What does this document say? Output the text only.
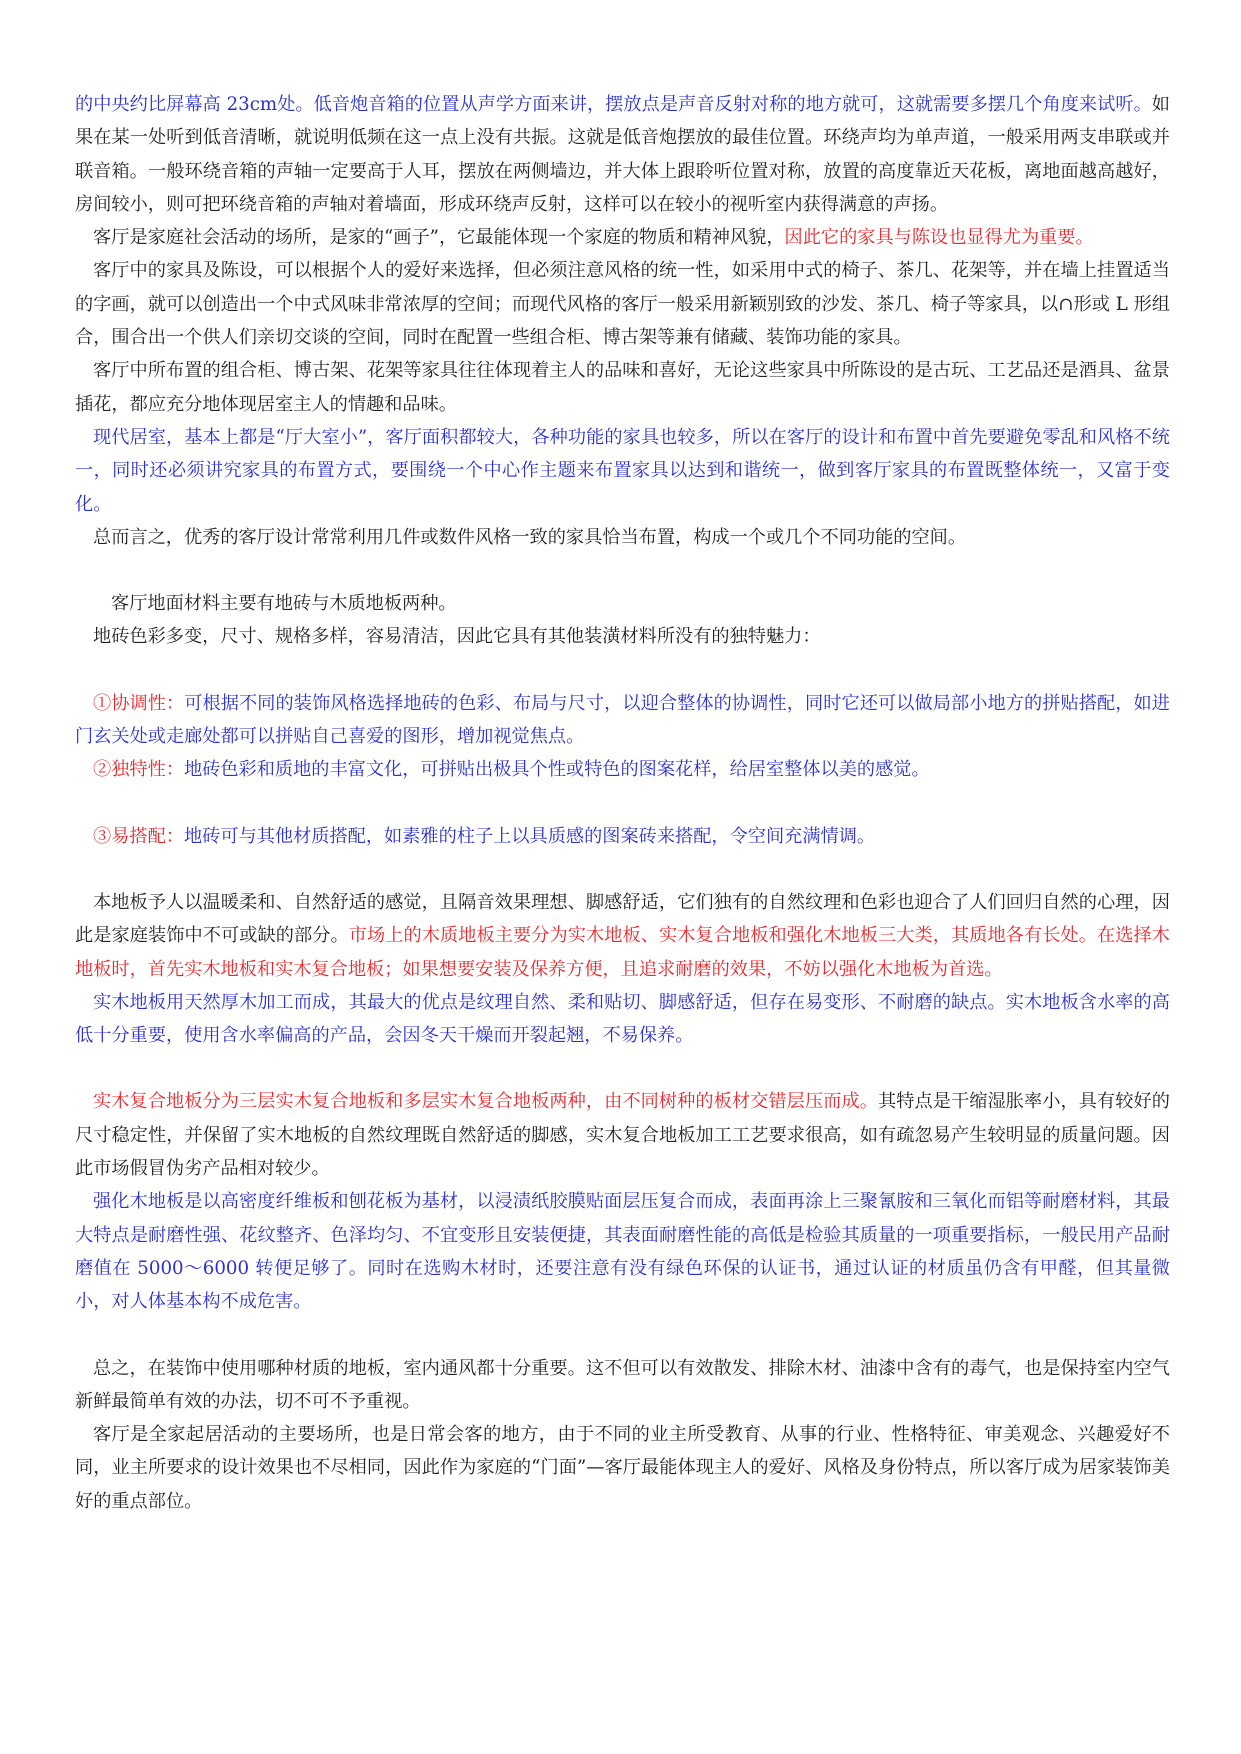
的中央约比屏幕高 23cm处。低音炮音箱的位置从声学方面来讲，摆放点是声音反射对称的地方就可，这就需要多摆几个角度来试听。如果在某一处听到低音清晰，就说明低频在这一点上没有共振。这就是低音炮摆放的最佳位置。环绕声均为单声道，一般采用两支串联或并联音箱。一般环绕音箱的声轴一定要高于人耳，摆放在两侧墙边，并大体上跟聆听位置对称，放置的高度靠近天花板，离地面越高越好，房间较小，则可把环绕音箱的声轴对着墙面，形成环绕声反射，这样可以在较小的视听室内获得满意的声扬。

客厅是家庭社会活动的场所，是家的“画子”，它最能体现一个家庭的物质和精神风貌，因此它的家具与陈设也显得尤为重要。

客厅中的家具及陈设，可以根据个人的爱好来选择，但必须注意风格的统一性，如采用中式的椅子、茶几、花架等，并在墙上挂置适当的字画，就可以创造出一个中式风味非常浓厚的空间；而现代风格的客厅一般采用新颖别致的沙发、茶几、椅子等家具，以∩形或 L 形组合，围合出一个供人们亲切交谈的空间，同时在配置一些组合柜、博古架等兼有储藏、装饰功能的家具。

客厅中所布置的组合柜、博古架、花架等家具往往体现着主人的品味和喜好，无论这些家具中所陈设的是古玩、工艺品还是酒具、盆景插花，都应充分地体现居室主人的情趣和品味。

现代居室，基本上都是“厅大室小”，客厅面积都较大，各种功能的家具也较多，所以在客厅的设计和布置中首先要避免零乱和风格不统一，同时还必须讲究家具的布置方式，要围绕一个中心作主题来布置家具以达到和谐统一，做到客厅家具的布置既整体统一，又富于变化。

总而言之，优秀的客厅设计常常利用几件或数件风格一致的家具恰当布置，构成一个或几个不同功能的空间。

客厅地面材料主要有地砖与木质地板两种。

地砖色彩多变，尺寸、规格多样，容易清洁，因此它具有其他装潢材料所没有的独特魅力：

①协调性：可根据不同的装饰风格选择地砖的色彩、布局与尺寸，以迎合整体的协调性，同时它还可以做局部小地方的拼贴搭配，如进门玄关处或走廊处都可以拼贴自己喜爱的图形，增加视觉焦点。

②独特性：地砖色彩和质地的丰富文化，可拼贴出极具个性或特色的图案花样，给居室整体以美的感觉。

③易搭配：地砖可与其他材质搭配，如素雅的柱子上以具质感的图案砖来搭配，令空间充满情调。

本地板予人以温暖柔和、自然舒适的感觉，且隔音效果理想、脚感舒适，它们独有的自然纹理和色彩也迎合了人们回归自然的心理，因此是家庭装饰中不可或缺的部分。市场上的木质地板主要分为实木地板、实木复合地板和强化木地板三大类，其质地各有长处。在选择木地板时，首先实木地板和实木复合地板；如果想要安装及保养方便，且追求耐磨的效果，不妨以强化木地板为首选。

实木地板用天然厚木加工而成，其最大的优点是纹理自然、柔和贴切、脚感舒适，但存在易变形、不耐磨的缺点。实木地板含水率的高低十分重要，使用含水率偏高的产品，会因冬天干燥而开裂起翘，不易保养。

实木复合地板分为三层实木复合地板和多层实木复合地板两种，由不同树种的板材交错层压而成。其特点是干缩湿胀率小，具有较好的尺寸稳定性，并保留了实木地板的自然纹理既自然舒适的脚感，实木复合地板加工工艺要求很高，如有疏忽易产生较明显的质量问题。因此市场假冒伪劣产品相对较少。

强化木地板是以高密度纤维板和刨花板为基材，以浸渍纸胶膜贴面层压复合而成，表面再涂上三聚氰胺和三氧化而铝等耐磨材料，其最大特点是耐磨性强、花纹整齐、色泽均匀、不宜变形且安装便捷，其表面耐磨性能的高低是检验其质量的一项重要指标，一般民用产品耐磨值在 5000～6000 转便足够了。同时在选购木材时，还要注意有没有绿色环保的认证书，通过认证的材质虽仍含有甲醛，但其量微小，对人体基本构不成危害。

总之，在装饰中使用哪种材质的地板，室内通风都十分重要。这不但可以有效散发、排除木材、油漆中含有的毒气，也是保持室内空气新鲜最简单有效的办法，切不可不予重视。

客厅是全家起居活动的主要场所，也是日常会客的地方，由于不同的业主所受教育、从事的行业、性格特征、审美观念、兴趣爱好不同，业主所要求的设计效果也不尽相同，因此作为家庭的“门面”—客厅最能体现主人的爱好、风格及身份特点，所以客厅成为居家装饰美好的重点部位。
